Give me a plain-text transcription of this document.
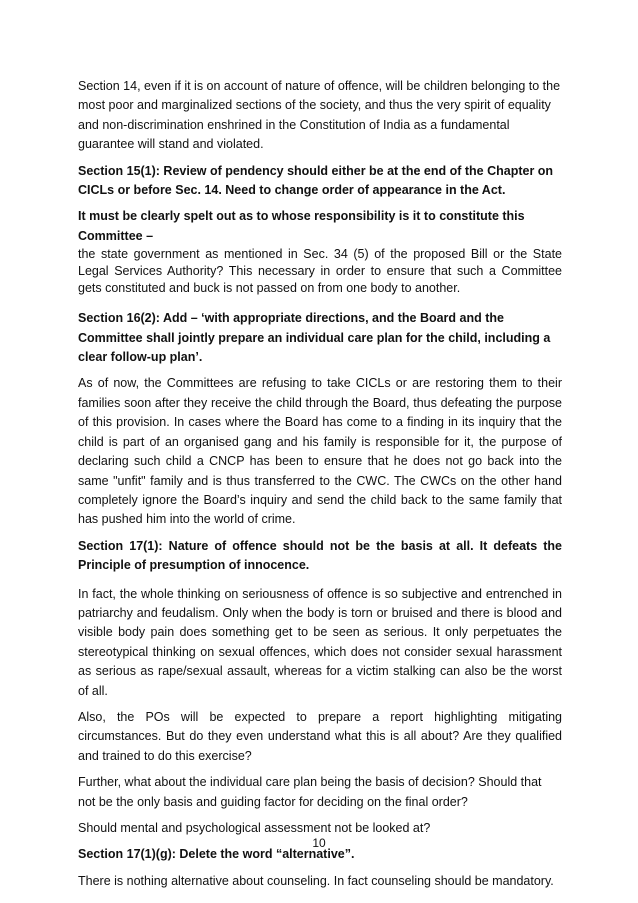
Section 14, even if it is on account of nature of offence, will be children belonging to the most poor and marginalized sections of the society, and thus the very spirit of equality and non-discrimination enshrined in the Constitution of India as a fundamental guarantee will stand and violated.

Section 15(1): Review of pendency should either be at the end of the Chapter on CICLs or before Sec. 14. Need to change order of appearance in the Act.

It must be clearly spelt out as to whose responsibility is it to constitute this Committee –

the state government as mentioned in Sec. 34 (5) of the proposed Bill or the State Legal Services Authority? This necessary in order to ensure that such a Committee gets constituted and buck is not passed on from one body to another.

Section 16(2): Add – ‘with appropriate directions, and the Board and the Committee shall jointly prepare an individual care plan for the child, including a clear follow-up plan’.

As of now, the Committees are refusing to take CICLs or are restoring them to their families soon after they receive the child through the Board, thus defeating the purpose of this provision. In cases where the Board has come to a finding in its inquiry that the child is part of an organised gang and his family is responsible for it, the purpose of declaring such child a CNCP has been to ensure that he does not go back into the same "unfit" family and is thus transferred to the CWC. The CWCs on the other hand completely ignore the Board’s inquiry and send the child back to the same family that has pushed him into the world of crime.

Section 17(1): Nature of offence should not be the basis at all. It defeats the Principle of presumption of innocence.

In fact, the whole thinking on seriousness of offence is so subjective and entrenched in patriarchy and feudalism. Only when the body is torn or bruised and there is blood and visible body pain does something get to be seen as serious. It only perpetuates the stereotypical thinking on sexual offences, which does not consider sexual harassment as serious as rape/sexual assault, whereas for a victim stalking can also be the worst of all.

Also, the POs will be expected to prepare a report highlighting mitigating circumstances. But do they even understand what this is all about? Are they qualified and trained to do this exercise?

Further, what about the individual care plan being the basis of decision? Should that not be the only basis and guiding factor for deciding on the final order?

Should mental and psychological assessment not be looked at?

Section 17(1)(g): Delete the word “alternative”.

There is nothing alternative about counseling. In fact counseling should be mandatory.

10
